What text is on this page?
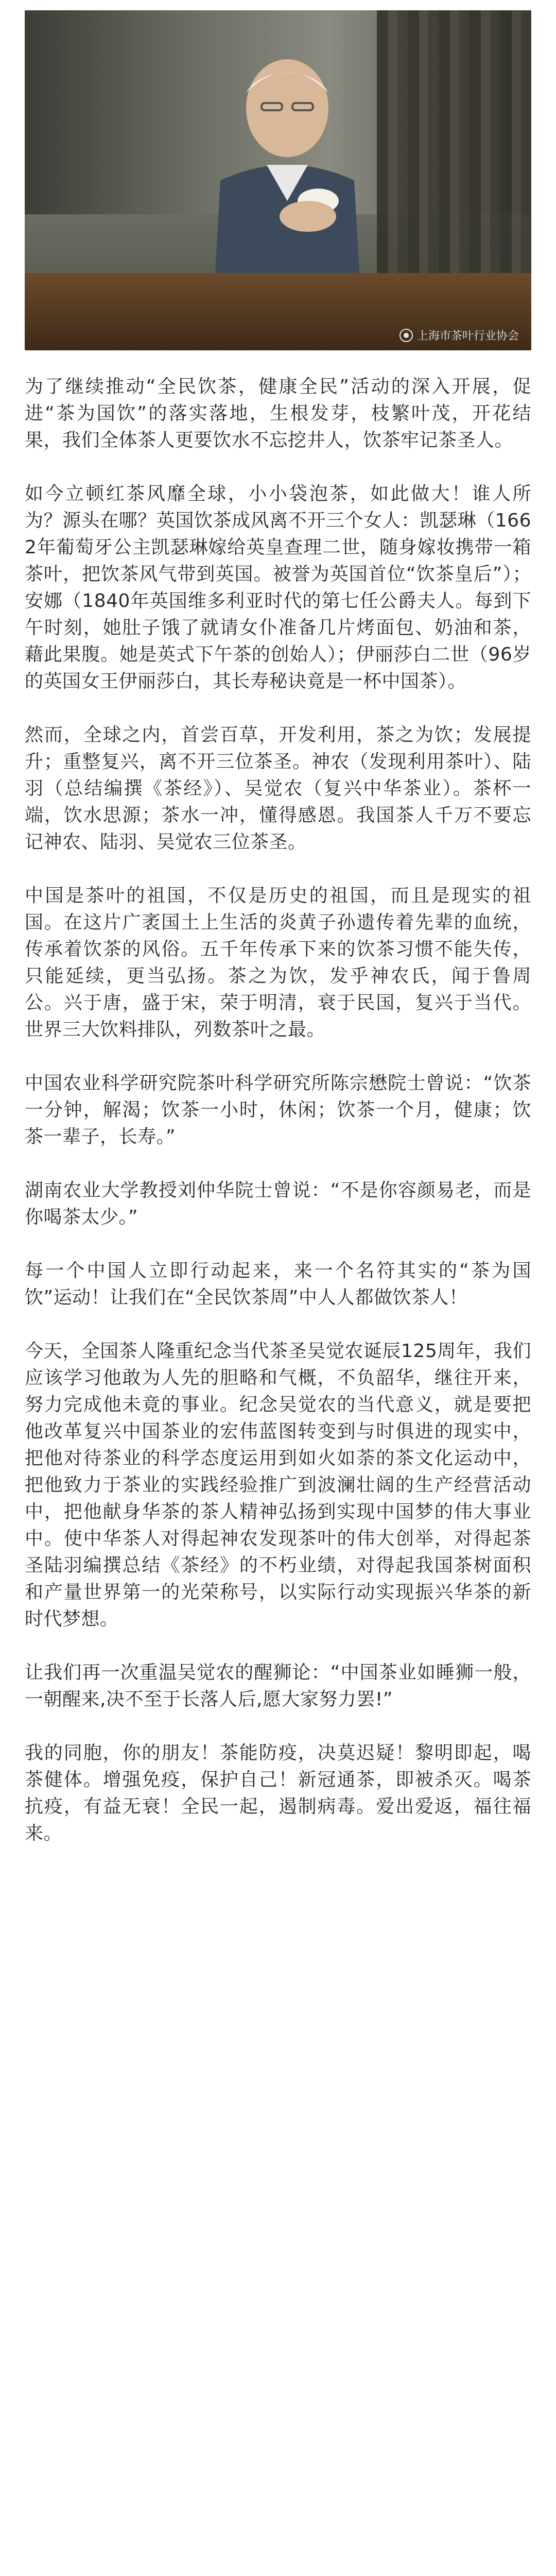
上海市茶叶行业协会

为了继续推动“全民饮茶，健康全民”活动的深入开展，促进“茶为国饮”的落实落地，生根发芽，枝繁叶茂，开花结果，我们全体茶人更要饮水不忘挖井人，饮茶牢记茶圣人。

如今立顿红茶风靡全球，小小袋泡茶，如此做大！谁人所为？源头在哪？英国饮茶成风离不开三个女人：凯瑟琳（1662年葡萄牙公主凯瑟琳嫁给英皇查理二世，随身嫁妆携带一箱茶叶，把饮茶风气带到英国。被誉为英国首位“饮茶皇后”）；安娜（1840年英国维多利亚时代的第七任公爵夫人。每到下午时刻，她肚子饿了就请女仆准备几片烤面包、奶油和茶，藉此果腹。她是英式下午茶的创始人）；伊丽莎白二世（96岁的英国女王伊丽莎白，其长寿秘诀竟是一杯中国茶）。

然而，全球之内，首尝百草，开发利用，茶之为饮；发展提升；重整复兴，离不开三位茶圣。神农（发现利用茶叶）、陆羽（总结编撰《茶经》）、吴觉农（复兴中华茶业）。茶杯一端，饮水思源；茶水一冲，懂得感恩。我国茶人千万不要忘记神农、陆羽、吴觉农三位茶圣。

中国是茶叶的祖国，不仅是历史的祖国，而且是现实的祖国。在这片广袤国土上生活的炎黄子孙遗传着先辈的血统，传承着饮茶的风俗。五千年传承下来的饮茶习惯不能失传，只能延续，更当弘扬。茶之为饮，发乎神农氏，闻于鲁周公。兴于唐，盛于宋，荣于明清，衰于民国，复兴于当代。世界三大饮料排队，列数茶叶之最。

中国农业科学研究院茶叶科学研究所陈宗懋院士曾说：“饮茶一分钟，解渴；饮茶一小时，休闲；饮茶一个月，健康；饮茶一辈子，长寿。”

湖南农业大学教授刘仲华院士曾说：“不是你容颜易老，而是你喝茶太少。”

每一个中国人立即行动起来，来一个名符其实的“茶为国饮”运动！让我们在“全民饮茶周”中人人都做饮茶人！

今天，全国茶人隆重纪念当代茶圣吴觉农诞辰125周年，我们应该学习他敢为人先的胆略和气概，不负韶华，继往开来，努力完成他未竟的事业。纪念吴觉农的当代意义，就是要把他改革复兴中国茶业的宏伟蓝图转变到与时俱进的现实中，把他对待茶业的科学态度运用到如火如荼的茶文化运动中，把他致力于茶业的实践经验推广到波澜壮阔的生产经营活动中，把他献身华茶的茶人精神弘扬到实现中国梦的伟大事业中。使中华茶人对得起神农发现茶叶的伟大创举，对得起茶圣陆羽编撰总结《茶经》的不朽业绩，对得起我国茶树面积和产量世界第一的光荣称号，以实际行动实现振兴华茶的新时代梦想。

让我们再一次重温吴觉农的醒狮论：“中国茶业如睡狮一般，一朝醒来,决不至于长落人后,愿大家努力罢!”

我的同胞，你的朋友！茶能防疫，决莫迟疑！黎明即起，喝茶健体。增强免疫，保护自己！新冠通茶，即被杀灭。喝茶抗疫，有益无衰！全民一起，遏制病毒。爱出爱返，福往福来。
